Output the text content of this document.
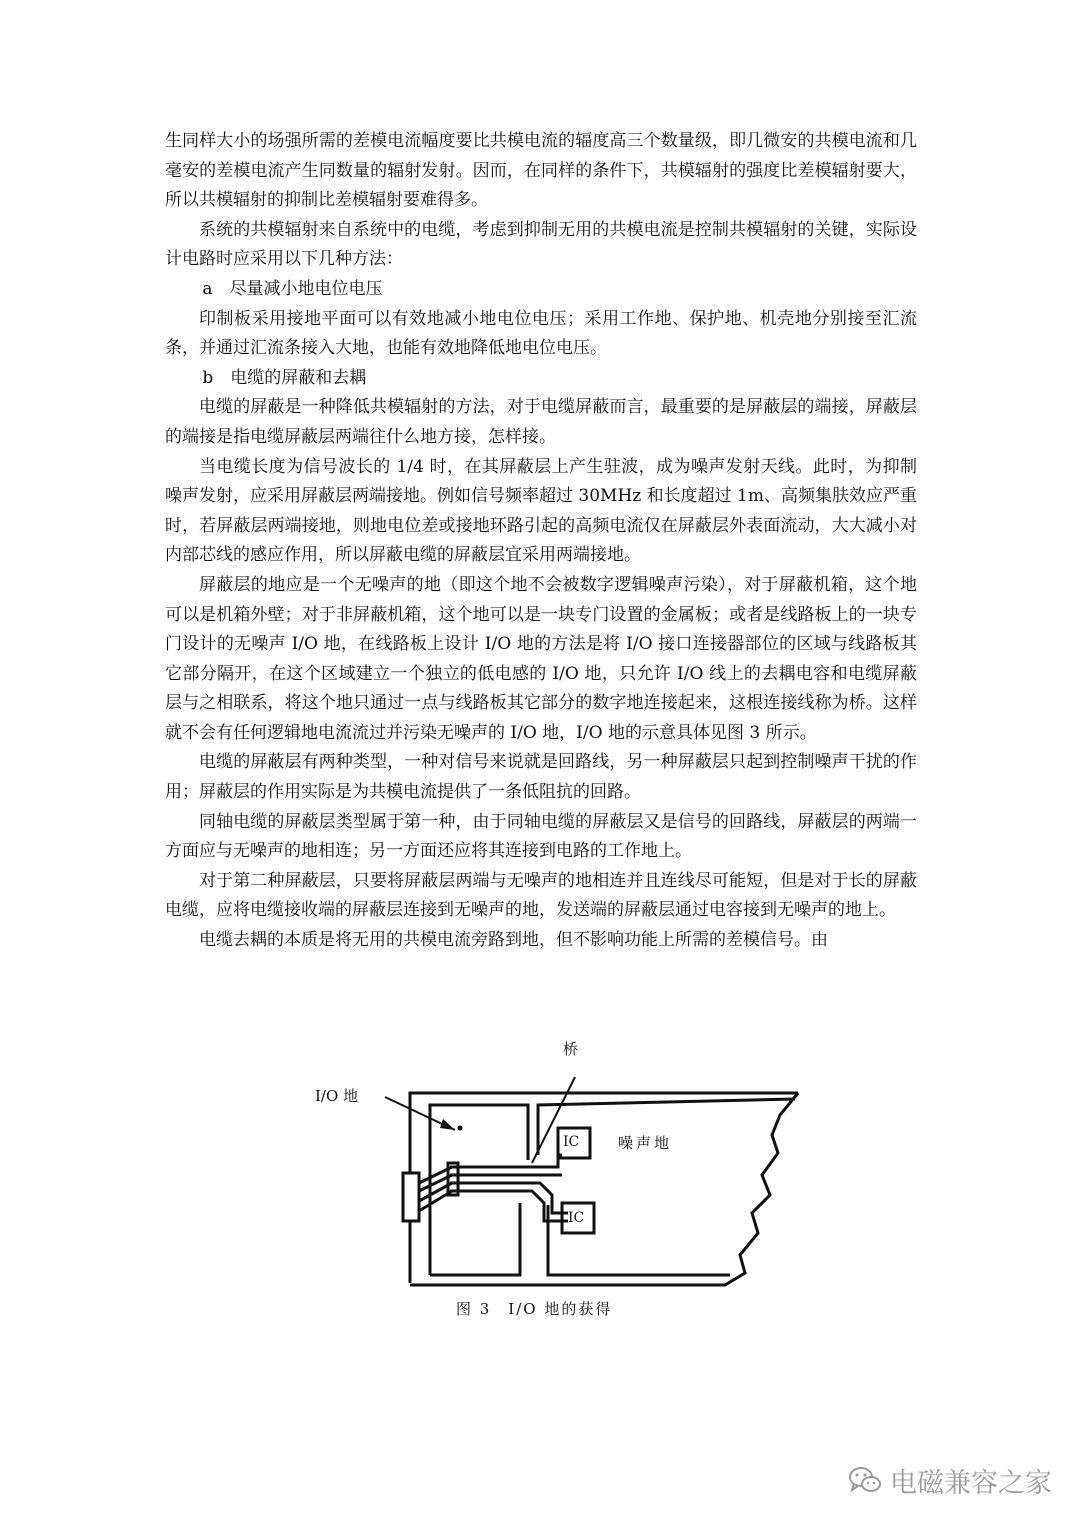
生同样大小的场强所需的差模电流幅度要比共模电流的辐度高三个数量级，即几微安的共模电流和几毫安的差模电流产生同数量的辐射发射。因而，在同样的条件下，共模辐射的强度比差模辐射要大，所以共模辐射的抑制比差模辐射要难得多。

系统的共模辐射来自系统中的电缆，考虑到抑制无用的共模电流是控制共模辐射的关键，实际设计电路时应采用以下几种方法：

a　尽量减小地电位电压

印制板采用接地平面可以有效地减小地电位电压；采用工作地、保护地、机壳地分别接至汇流条，并通过汇流条接入大地，也能有效地降低地电位电压。

b　电缆的屏蔽和去耦

电缆的屏蔽是一种降低共模辐射的方法，对于电缆屏蔽而言，最重要的是屏蔽层的端接，屏蔽层的端接是指电缆屏蔽层两端往什么地方接，怎样接。

当电缆长度为信号波长的 1/4 时，在其屏蔽层上产生驻波，成为噪声发射天线。此时，为抑制噪声发射，应采用屏蔽层两端接地。例如信号频率超过 30MHz 和长度超过 1m、高频集肤效应严重时，若屏蔽层两端接地，则地电位差或接地环路引起的高频电流仅在屏蔽层外表面流动，大大减小对内部芯线的感应作用，所以屏蔽电缆的屏蔽层宜采用两端接地。

屏蔽层的地应是一个无噪声的地（即这个地不会被数字逻辑噪声污染），对于屏蔽机箱，这个地可以是机箱外壁；对于非屏蔽机箱，这个地可以是一块专门设置的金属板；或者是线路板上的一块专门设计的无噪声 I/O 地，在线路板上设计 I/O 地的方法是将 I/O 接口连接器部位的区域与线路板其它部分隔开，在这个区域建立一个独立的低电感的 I/O 地，只允许 I/O 线上的去耦电容和电缆屏蔽层与之相联系，将这个地只通过一点与线路板其它部分的数字地连接起来，这根连接线称为桥。这样就不会有任何逻辑地电流流过并污染无噪声的 I/O 地，I/O 地的示意具体见图 3 所示。

电缆的屏蔽层有两种类型，一种对信号来说就是回路线，另一种屏蔽层只起到控制噪声干扰的作用；屏蔽层的作用实际是为共模电流提供了一条低阻抗的回路。

同轴电缆的屏蔽层类型属于第一种，由于同轴电缆的屏蔽层又是信号的回路线，屏蔽层的两端一方面应与无噪声的地相连；另一方面还应将其连接到电路的工作地上。

对于第二种屏蔽层，只要将屏蔽层两端与无噪声的地相连并且连线尽可能短，但是对于长的屏蔽电缆，应将电缆接收端的屏蔽层连接到无噪声的地，发送端的屏蔽层通过电容接到无噪声的地上。

电缆去耦的本质是将无用的共模电流旁路到地，但不影响功能上所需的差模信号。由

I/O 地
桥
噪声地
IC
IC
图 3　I/O 地的获得
电磁兼容之家
